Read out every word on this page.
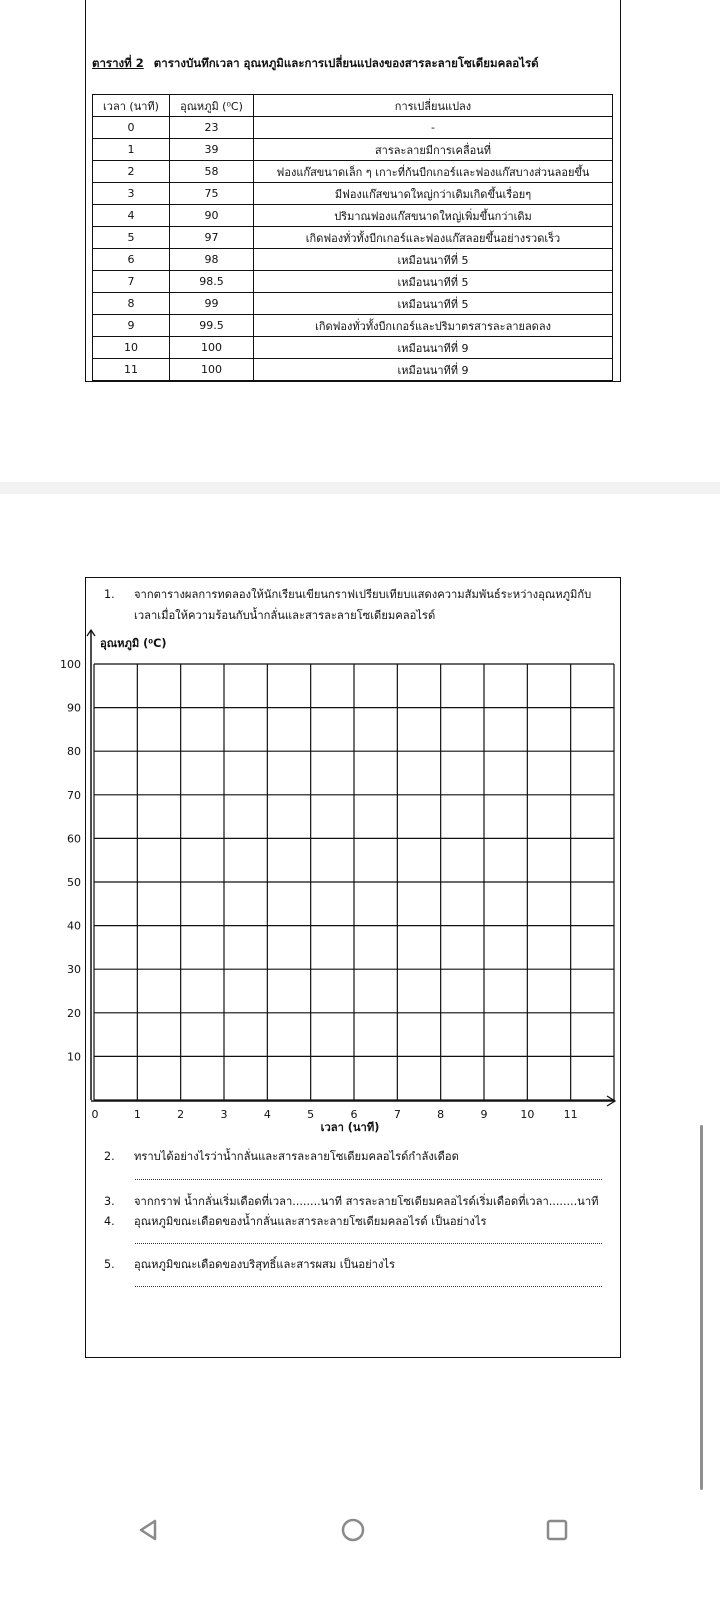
ตารางที่ 2 ตารางบันทึกเวลา อุณหภูมิและการเปลี่ยนแปลงของสารละลายโซเดียมคลอไรด์
เวลา (นาที)	อุณหภูมิ (⁰C)	การเปลี่ยนแปลง
0	23	-
1	39	สารละลายมีการเคลื่อนที่
2	58	ฟองแก๊สขนาดเล็ก ๆ เกาะที่ก้นบีกเกอร์และฟองแก๊สบางส่วนลอยขึ้น
3	75	มีฟองแก๊สขนาดใหญ่กว่าเดิมเกิดขึ้นเรื่อยๆ
4	90	ปริมาณฟองแก๊สขนาดใหญ่เพิ่มขึ้นกว่าเดิม
5	97	เกิดฟองทั่วทั้งบีกเกอร์และฟองแก๊สลอยขึ้นอย่างรวดเร็ว
6	98	เหมือนนาทีที่ 5
7	98.5	เหมือนนาทีที่ 5
8	99	เหมือนนาทีที่ 5
9	99.5	เกิดฟองทั่วทั้งบีกเกอร์และปริมาตรสารละลายลดลง
10	100	เหมือนนาทีที่ 9
11	100	เหมือนนาทีที่ 9
1. จากตารางผลการทดลองให้นักเรียนเขียนกราฟเปรียบเทียบแสดงความสัมพันธ์ระหว่างอุณหภูมิกับ
เวลาเมื่อให้ความร้อนกับน้ำกลั่นและสารละลายโซเดียมคลอไรด์
อุณหภูมิ (⁰C)
100
90
80
70
60
50
40
30
20
10
0	1	2	3	4	5	6	7	8	9	10	11
เวลา (นาที)
2. ทราบได้อย่างไรว่าน้ำกลั่นและสารละลายโซเดียมคลอไรด์กำลังเดือด
3. จากกราฟ น้ำกลั่นเริ่มเดือดที่เวลา........นาที สารละลายโซเดียมคลอไรด์เริ่มเดือดที่เวลา........นาที
4. อุณหภูมิขณะเดือดของน้ำกลั่นและสารละลายโซเดียมคลอไรด์ เป็นอย่างไร
5. อุณหภูมิขณะเดือดของบริสุทธิ์และสารผสม เป็นอย่างไร
